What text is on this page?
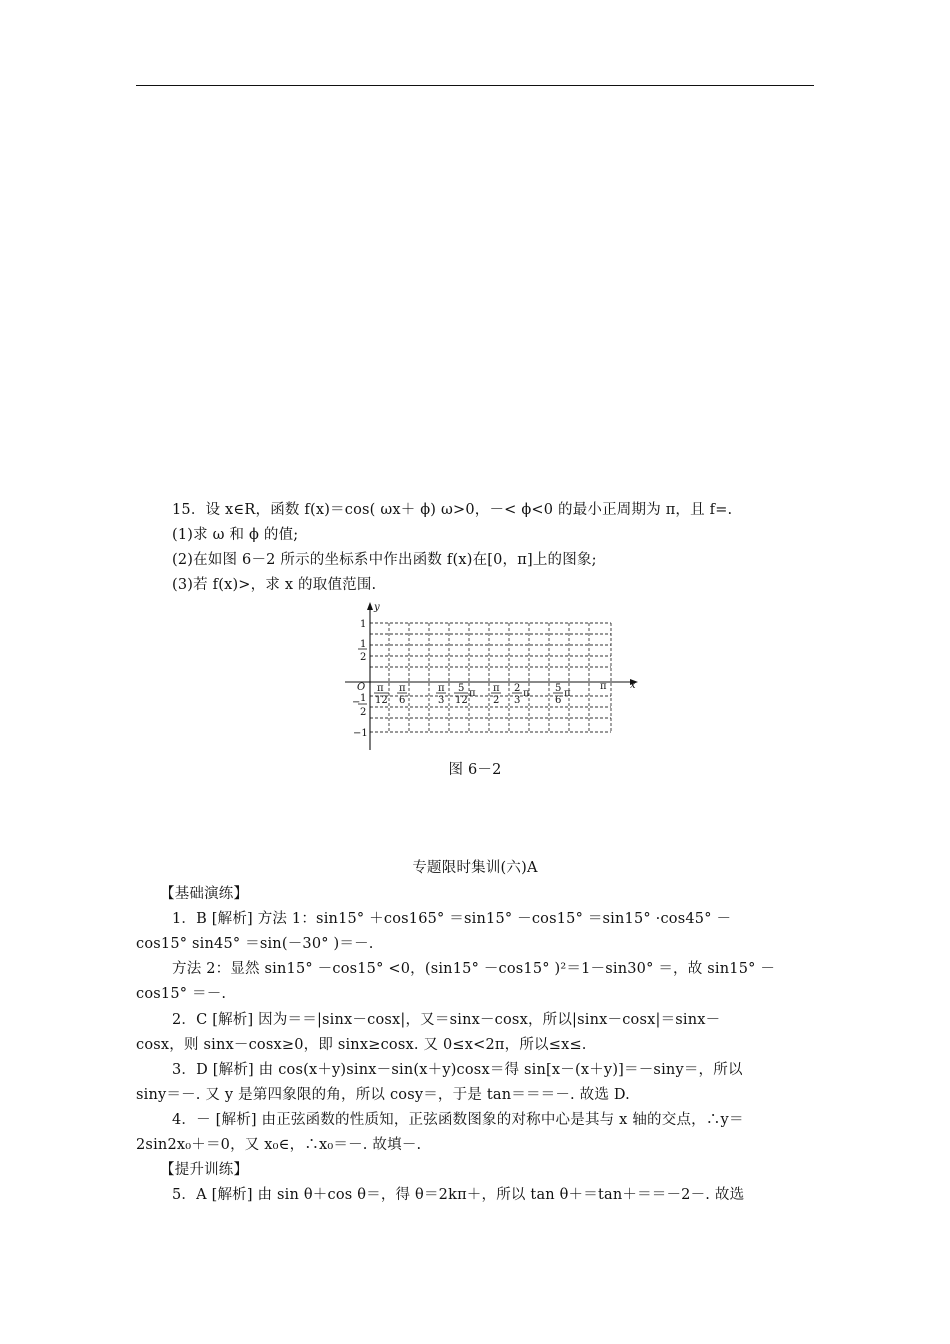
15．设 x∈R，函数 f(x)＝cos( ωx＋ ϕ) ω>0，－< ϕ<0 的最小正周期为 π，且 f=.
(1)求 ω 和 ϕ 的值;
(2)在如图 6－2 所示的坐标系中作出函数 f(x)在[0，π]上的图象;
(3)若 f(x)>，求 x 的取值范围.
y
x
O
1
1
2
− 1
2
−1
π
12
π
6
π
3
5
12
π π
2
2
3
π	5
6
π
π
图 6－2
专题限时集训(六)A
【基础演练】
1．B [解析] 方法 1：sin15° ＋cos165° ＝sin15° －cos15° ＝sin15° ·cos45° －
cos15° sin45° ＝sin(－30° )＝－.
方法 2：显然 sin15° －cos15° <0，(sin15° －cos15° )²＝1－sin30° ＝，故 sin15° －
cos15° ＝－.
2．C [解析] 因为＝＝|sinx－cosx|，又＝sinx－cosx，所以|sinx－cosx|＝sinx－
cosx，则 sinx－cosx≥0，即 sinx≥cosx. 又 0≤x<2π，所以≤x≤.
3．D [解析] 由 cos(x＋y)sinx－sin(x＋y)cosx＝得 sin[x－(x＋y)]＝－siny＝，所以
siny＝－. 又 y 是第四象限的角，所以 cosy＝，于是 tan＝＝＝－. 故选 D.
4．－ [解析] 由正弦函数的性质知，正弦函数图象的对称中心是其与 x 轴的交点，∴y＝
2sin2x₀＋＝0，又 x₀∈，∴x₀＝－. 故填－.
【提升训练】
5．A [解析] 由 sin θ＋cos θ＝，得 θ＝2kπ＋，所以 tan θ＋＝tan＋＝＝－2－. 故选
